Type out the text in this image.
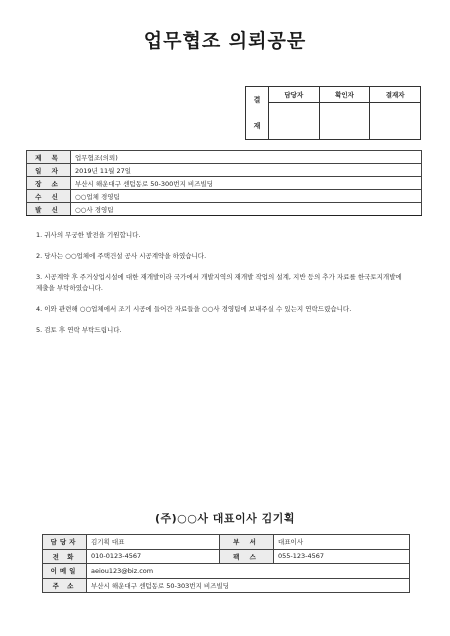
업무협조 의뢰공문
결
재	담당자	확인자	결재자

제 목	업무협조(의뢰)
일 자	2019년 11월 27일
장 소	부산시 해운대구 센텀동로 50-300번지 비즈빌딩
수 신	○○업체 경영팀
발 신	○○사 경영팀

1. 귀사의 무궁한 발전을 기원합니다.

2. 당사는 ○○업체에 주택건설 공사 시공계약을 하였습니다.

3. 시공계약 후 주거상업시설에 대한 재개발이라 국가에서 개발지역의 재개발 작업의 설계, 지반 등의 추가 자료를 한국토지개발에 제출을 부탁하였습니다.

4. 이와 관련해 ○○업체에서 조기 시공에 들어간 자료들을 ○○사 경영팀에 보내주실 수 있는지 연락드렸습니다.

5. 검토 후 연락 부탁드립니다.

(주)○○사 대표이사 김기획
담당자	김기획 대표	부 서	대표이사
전 화	010-0123-4567	팩 스	055-123-4567
이메일	aeiou123@biz.com		
주 소	부산시 해운대구 센텀동로 50-303번지 비즈빌딩		
